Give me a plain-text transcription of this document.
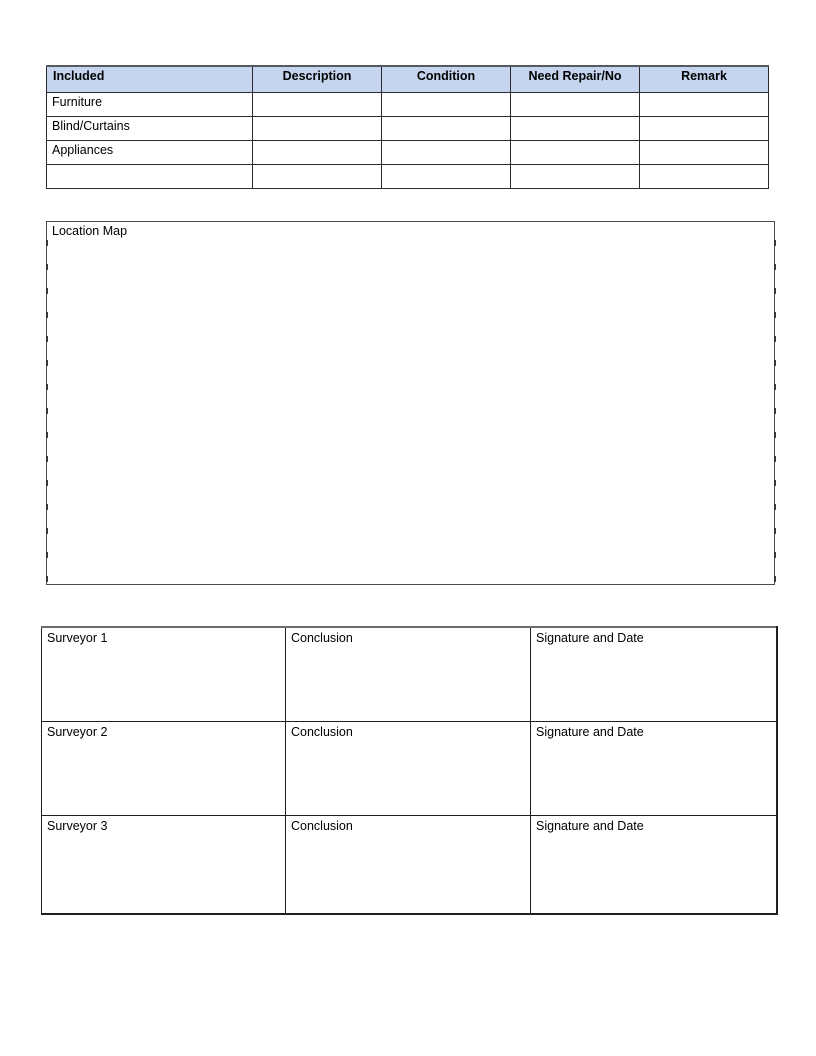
Included	Description	Condition	Need Repair/No	Remark
Furniture				
Blind/Curtains				
Appliances				

Location Map
Surveyor 1	Conclusion	Signature and Date
Surveyor 2	Conclusion	Signature and Date
Surveyor 3	Conclusion	Signature and Date
